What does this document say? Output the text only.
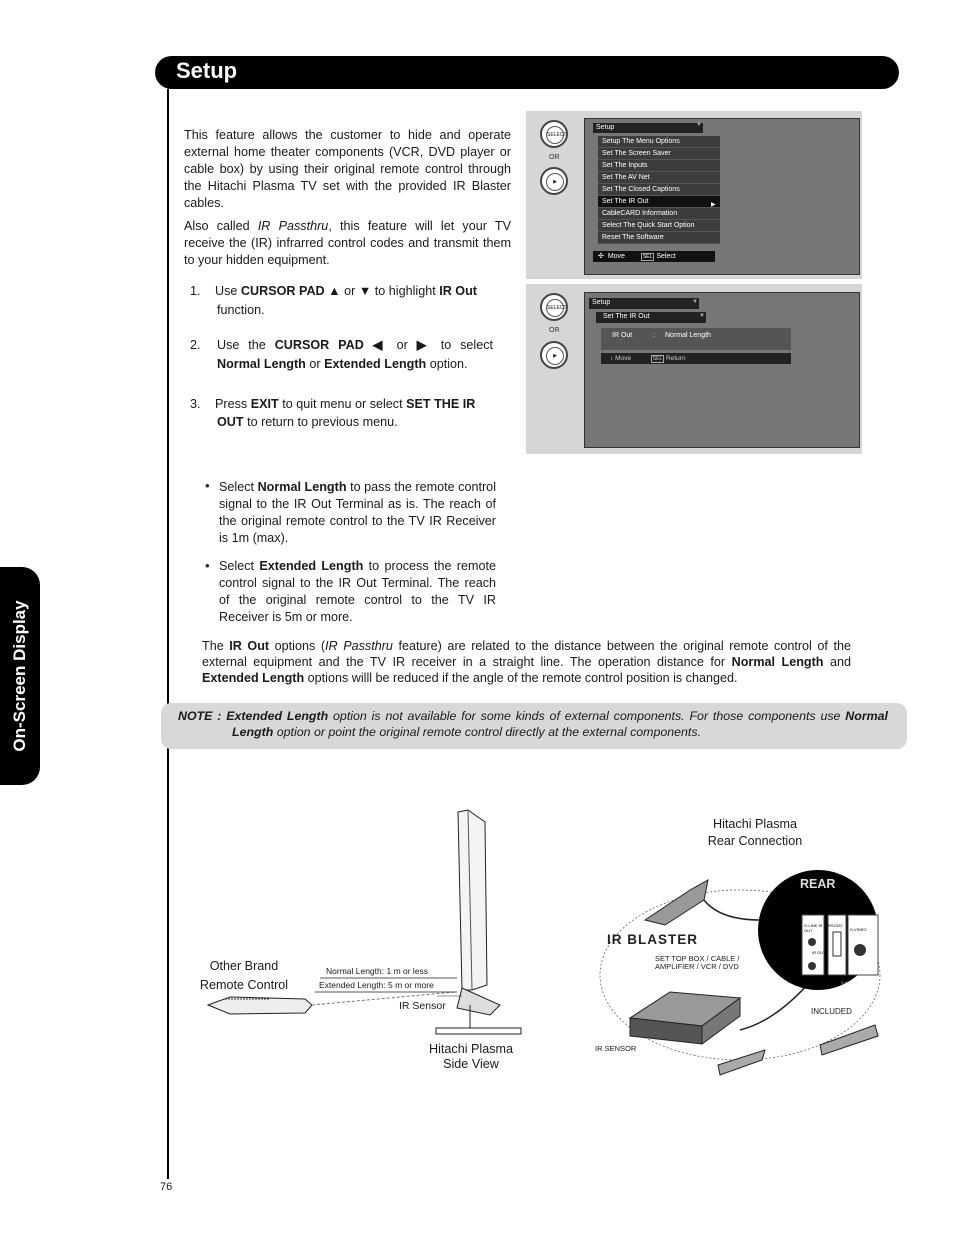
Setup
On-Screen Display
This feature allows the customer to hide and operate external home theater components (VCR, DVD player or cable box) by using their original remote control through the Hitachi Plasma TV set with the provided IR Blaster cables.
Also called IR Passthru, this feature will let your TV receive the (IR) infrarred control codes and transmit them to your hidden equipment.
1. Use CURSOR PAD ▲ or ▼ to highlight IR Out
function.
2. Use the CURSOR PAD ◀ or ▶ to select
Normal Length or Extended Length option.
3. Press EXIT to quit menu or select SET THE IR
OUT to return to previous menu.
• Select Normal Length to pass the remote control signal to the IR Out Terminal as is. The reach of the original remote control to the TV IR Receiver is 1m (max).
• Select Extended Length to process the remote control signal to the IR Out Terminal. The reach of the original remote control to the TV IR Receiver is 5m or more.
The IR Out options (IR Passthru feature) are related to the distance between the original remote control of the external equipment and the TV IR receiver in a straight line. The operation distance for Normal Length and Extended Length options willl be reduced if the angle of the remote control position is changed.
NOTE : Extended Length option is not available for some kinds of external components. For those components use Normal Length option or point the original remote control directly at the external components.
SELECT
OR
▶
Setup	▼
Setup The Menu Options
Set The Screen Saver
Set The Inputs
Set The AV Net
Set The Closed Captions
Set The IR Out
CableCARD Information
Select The Quick Start Option
Reset The Software
▶
✣ Move	SEL Select
SELECT
OR
▶
Setup	▼
Set The IR Out	▼
IR Out	: Normal Length
↕ Move	SEL Return
Other Brand
Remote Control
Normal Length: 1 m or less
Extended Length: 5 m or more
IR Sensor
Hitachi Plasma
Side View
Hitachi Plasma
Rear Connection
REAR
IR BLASTER
SET TOP BOX / CABLE /
AMPLIFIER / VCR / DVD
IR SENSOR
INCLUDED
G-LINK IR OUT
RS232C
S-VIDEO
IR OUT
Y-VIDEO
76
